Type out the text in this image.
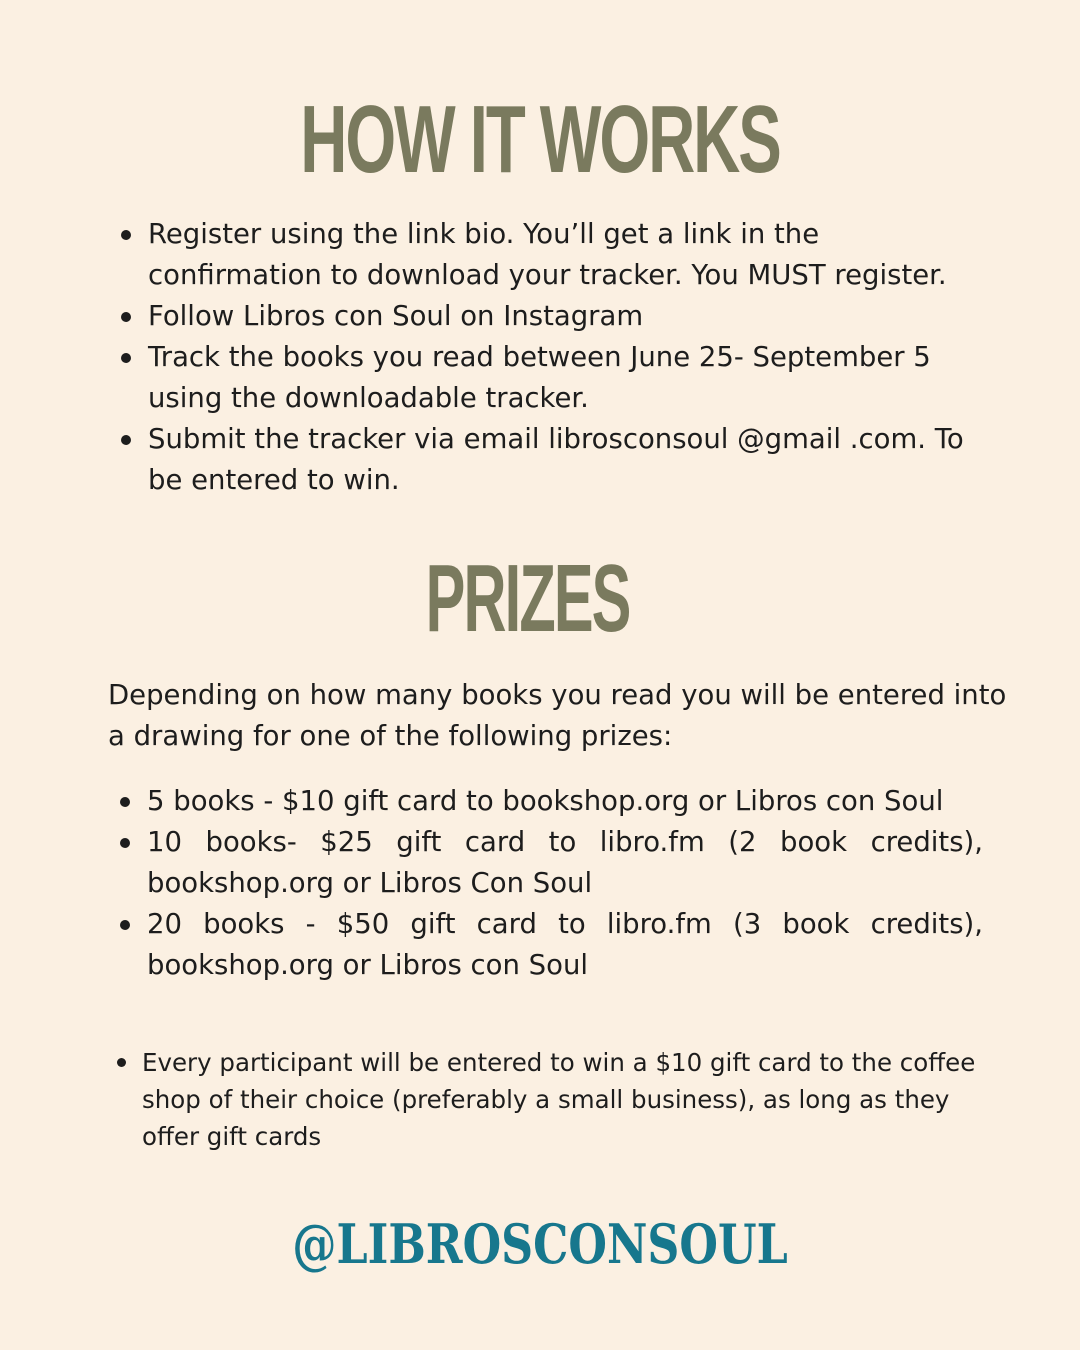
HOW IT WORKS
Register using the link bio. You’ll get a link in the confirmation to download your tracker. You MUST register.
Follow Libros con Soul on Instagram
Track the books you read between June 25- September 5 using the downloadable tracker.
Submit the tracker via email librosconsoul @gmail .com. To be entered to win.
PRIZES

Depending on how many books you read you will be entered into a drawing for one of the following prizes:

5 books - $10 gift card to bookshop.org or Libros con Soul
10 books- $25 gift card to libro.fm (2 book credits), bookshop.org or Libros Con Soul
20 books - $50 gift card to libro.fm (3 book credits), bookshop.org or Libros con Soul
Every participant will be entered to win a $10 gift card to the coffee shop of their choice (preferably a small business), as long as they offer gift cards

@LIBROSCONSOUL
